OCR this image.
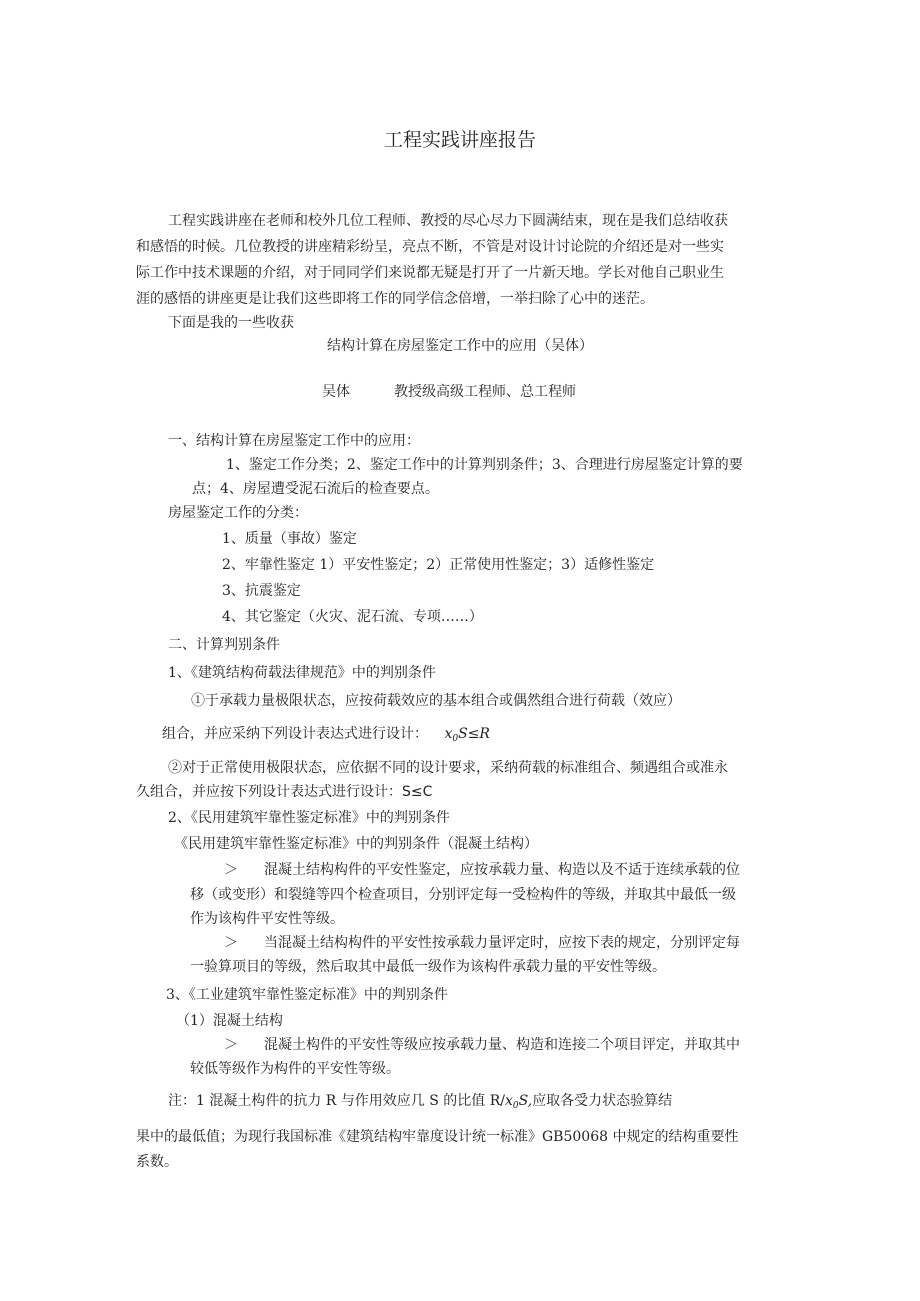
工程实践讲座报告
工程实践讲座在老师和校外几位工程师、教授的尽心尽力下圆满结束，现在是我们总结收获
和感悟的时候。几位教授的讲座精彩纷呈，亮点不断，不管是对设计讨论院的介绍还是对一些实
际工作中技术课题的介绍，对于同同学们来说都无疑是打开了一片新天地。学长对他自己职业生
涯的感悟的讲座更是让我们这些即将工作的同学信念倍增，一举扫除了心中的迷茫。
下面是我的一些收获
结构计算在房屋鉴定工作中的应用（吴体）
吴体	教授级高级工程师、总工程师
一、结构计算在房屋鉴定工作中的应用：
1、鉴定工作分类；2、鉴定工作中的计算判别条件；3、合理进行房屋鉴定计算的要
点；4、房屋遭受泥石流后的检查要点。
房屋鉴定工作的分类：
1、质量（事故）鉴定
2、牢靠性鉴定 1）平安性鉴定；2）正常使用性鉴定；3）适修性鉴定
3、抗震鉴定
4、其它鉴定（火灾、泥石流、专项……）
二、计算判别条件
1、《建筑结构荷载法律规范》中的判别条件
①于承载力量极限状态，应按荷载效应的基本组合或偶然组合进行荷载（效应）
组合，并应采纳下列设计表达式进行设计： $x_0S\le R$
②对于正常使用极限状态，应依据不同的设计要求，采纳荷载的标准组合、频遇组合或准永
久组合，并应按下列设计表达式进行设计：S≤C
2、《民用建筑牢靠性鉴定标准》中的判别条件
《民用建筑牢靠性鉴定标准》中的判别条件（混凝土结构）
＞ 混凝土结构构件的平安性鉴定，应按承载力量、构造以及不适于连续承载的位
移（或变形）和裂缝等四个检查项目，分别评定每一受检构件的等级，并取其中最低一级
作为该构件平安性等级。
＞ 当混凝土结构构件的平安性按承载力量评定时，应按下表的规定，分别评定每
一验算项目的等级，然后取其中最低一级作为该构件承载力量的平安性等级。
3、《工业建筑牢靠性鉴定标准》中的判别条件
（1）混凝土结构
＞ 混凝土构件的平安性等级应按承载力量、构造和连接二个项目评定，并取其中
较低等级作为构件的平安性等级。
注：1 混凝土构件的抗力 R 与作用效应几 S 的比值 $R/x_0S$,应取各受力状态验算结
果中的最低值；为现行我国标准《建筑结构牢靠度设计统一标准》GB50068 中规定的结构重要性
系数。
